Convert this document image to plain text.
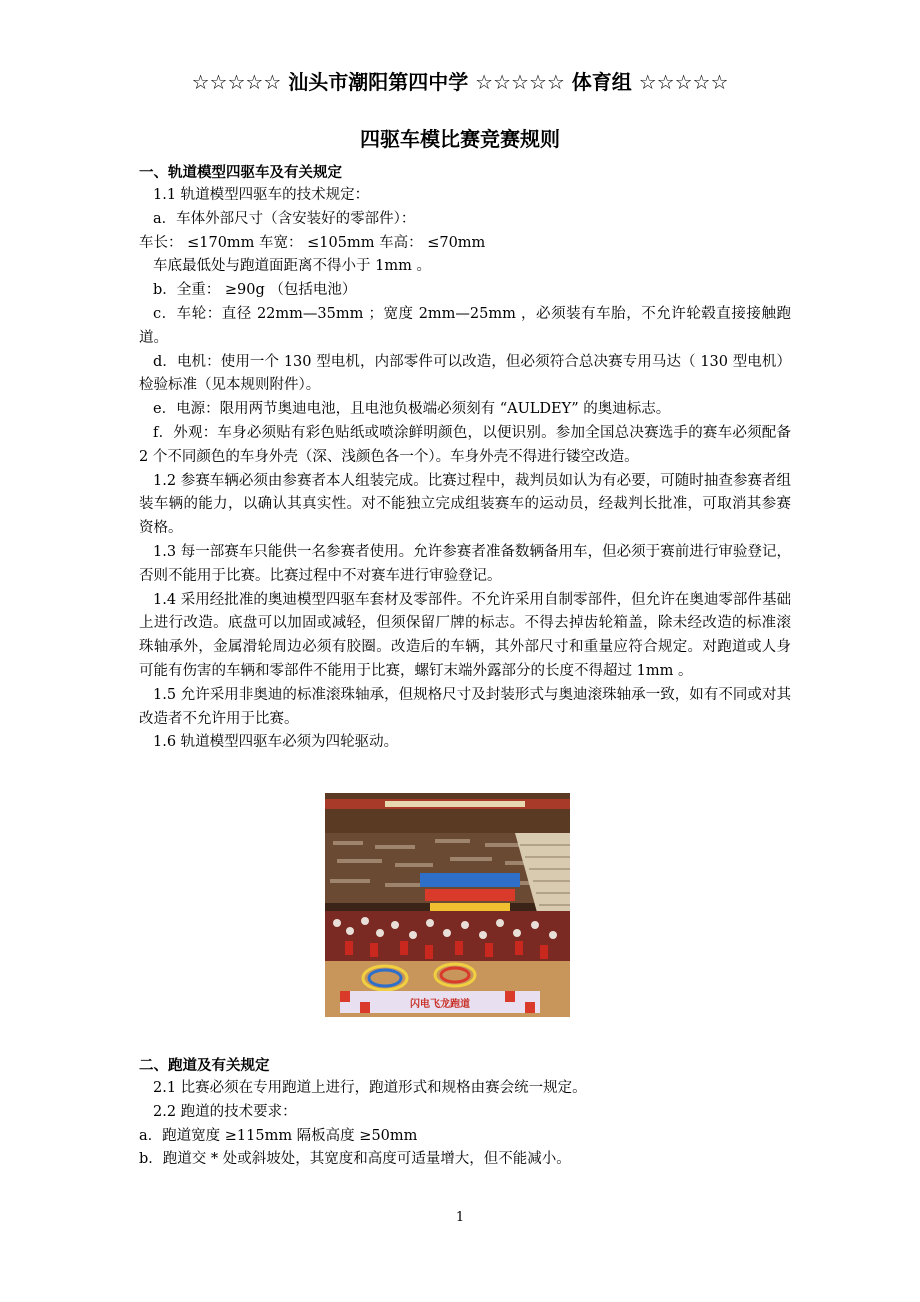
☆☆☆☆☆ 汕头市潮阳第四中学 ☆☆☆☆☆ 体育组 ☆☆☆☆☆
四驱车模比赛竞赛规则
一、轨道模型四驱车及有关规定

1.1 轨道模型四驱车的技术规定：

a．车体外部尺寸（含安装好的零部件）：

车长： ≤170mm 车宽： ≤105mm 车高： ≤70mm

车底最低处与跑道面距离不得小于 1mm 。

b．全重： ≥90g （包括电池）

c．车轮：直径 22mm—35mm ；宽度 2mm—25mm ，必须装有车胎，不允许轮毂直接接触跑道。

d．电机：使用一个 130 型电机，内部零件可以改造，但必须符合总决赛专用马达（ 130 型电机）检验标准（见本规则附件）。

e．电源：限用两节奥迪电池，且电池负极端必须刻有 “AULDEY” 的奥迪标志。

f．外观：车身必须贴有彩色贴纸或喷涂鲜明颜色，以便识别。参加全国总决赛选手的赛车必须配备 2 个不同颜色的车身外壳（深、浅颜色各一个）。车身外壳不得进行镂空改造。

1.2 参赛车辆必须由参赛者本人组装完成。比赛过程中，裁判员如认为有必要，可随时抽查参赛者组装车辆的能力，以确认其真实性。对不能独立完成组装赛车的运动员，经裁判长批准，可取消其参赛资格。

1.3 每一部赛车只能供一名参赛者使用。允许参赛者准备数辆备用车，但必须于赛前进行审验登记，否则不能用于比赛。比赛过程中不对赛车进行审验登记。

1.4 采用经批准的奥迪模型四驱车套材及零部件。不允许采用自制零部件，但允许在奥迪零部件基础上进行改造。底盘可以加固或减轻，但须保留厂牌的标志。不得去掉齿轮箱盖，除未经改造的标准滚珠轴承外，金属滑轮周边必须有胶圈。改造后的车辆，其外部尺寸和重量应符合规定。对跑道或人身可能有伤害的车辆和零部件不能用于比赛，螺钉末端外露部分的长度不得超过 1mm 。

1.5 允许采用非奥迪的标准滚珠轴承，但规格尺寸及封装形式与奥迪滚珠轴承一致，如有不同或对其改造者不允许用于比赛。

1.6 轨道模型四驱车必须为四轮驱动。

闪电飞龙跑道
二、跑道及有关规定

2.1 比赛必须在专用跑道上进行，跑道形式和规格由赛会统一规定。

2.2 跑道的技术要求：

a．跑道宽度 ≥115mm 隔板高度 ≥50mm

b．跑道交 * 处或斜坡处，其宽度和高度可适量增大，但不能减小。

1
